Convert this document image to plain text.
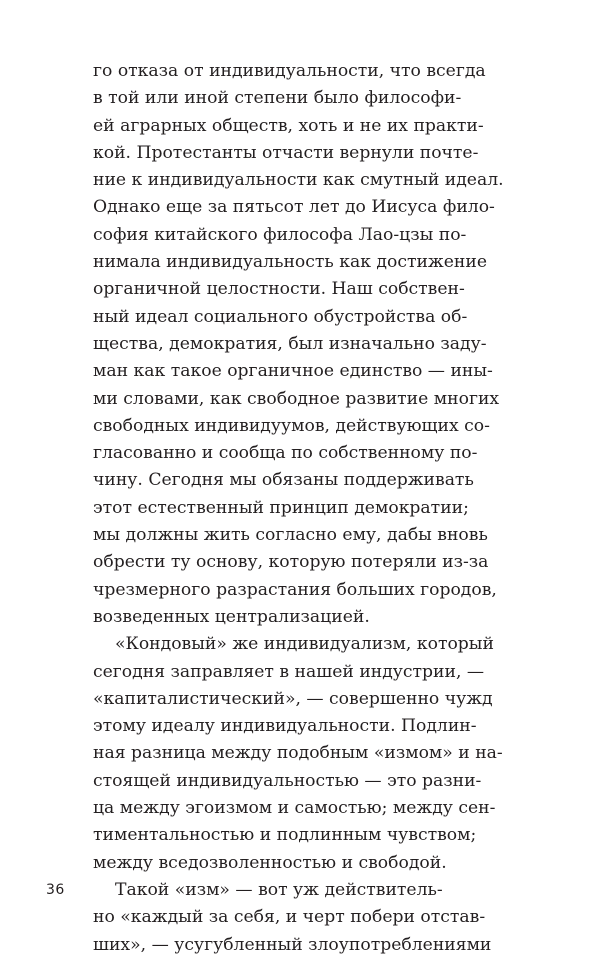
го отказа от индивидуальности, что всегда
в той или иной степени было философи-
ей аграрных обществ, хоть и не их практи-
кой. Протестанты отчасти вернули почте-
ние к индивидуальности как смутный идеал.
Однако еще за пятьсот лет до Иисуса фило-
софия китайского философа Лао-цзы по-
нимала индивидуальность как достижение
органичной целостности. Наш собствен-
ный идеал социального обустройства об-
щества, демократия, был изначально заду-
ман как такое органичное единство — ины-
ми словами, как свободное развитие многих
свободных индивидуумов, действующих со-
гласованно и сообща по собственному по-
чину. Сегодня мы обязаны поддерживать
этот естественный принцип демократии;
мы должны жить согласно ему, дабы вновь
обрести ту основу, которую потеряли из-за
чрезмерного разрастания больших городов,
возведенных централизацией.
«Кондовый» же индивидуализм, который
сегодня заправляет в нашей индустрии, —
«капиталистический», — совершенно чужд
этому идеалу индивидуальности. Подлин-
ная разница между подобным «измом» и на-
стоящей индивидуальностью — это разни-
ца между эгоизмом и самостью; между сен-
тиментальностью и подлинным чувством;
между вседозволенностью и свободой.
Такой «изм» — вот уж действитель-
но «каждый за себя, и черт побери отстав-
ших», — усугубленный злоупотреблениями
36
